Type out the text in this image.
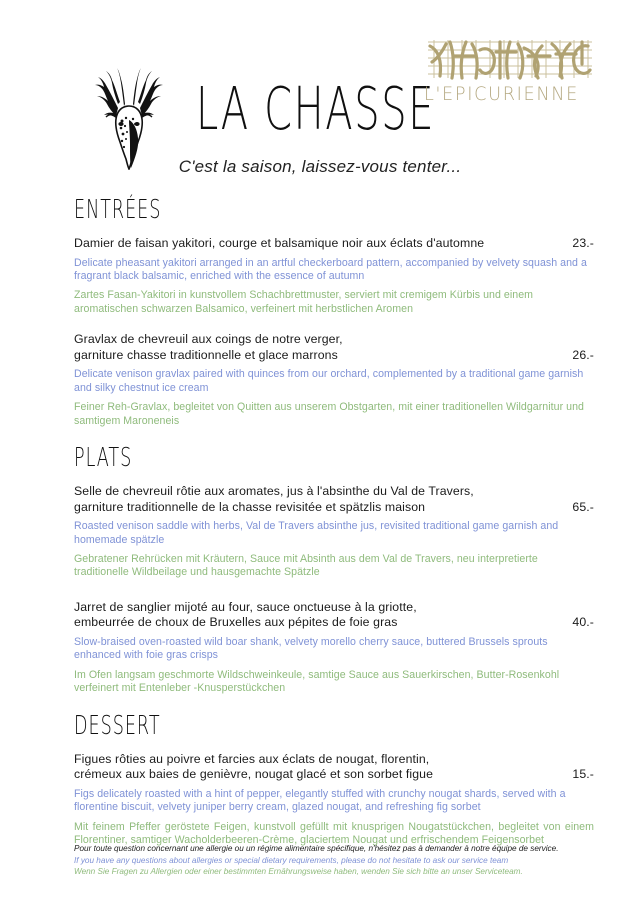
LA CHASSE
L'EPICURIENNE
C'est la saison, laissez-vous tenter...
ENTRÉES
Damier de faisan yakitori, courge et balsamique noir aux éclats d'automne	23.-
Delicate pheasant yakitori arranged in an artful checkerboard pattern, accompanied by velvety squash and a fragrant black balsamic, enriched with the essence of autumn
Zartes Fasan-Yakitori in kunstvollem Schachbrettmuster, serviert mit cremigem Kürbis und einem aromatischen schwarzen Balsamico, verfeinert mit herbstlichen Aromen
Gravlax de chevreuil aux coings de notre verger,
garniture chasse traditionnelle et glace marrons	26.-
Delicate venison gravlax paired with quinces from our orchard, complemented by a traditional game garnish and silky chestnut ice cream
Feiner Reh-Gravlax, begleitet von Quitten aus unserem Obstgarten, mit einer traditionellen Wildgarnitur und samtigem Maroneneis
PLATS
Selle de chevreuil rôtie aux aromates, jus à l'absinthe du Val de Travers,
garniture traditionnelle de la chasse revisitée et spätzlis maison	65.-
Roasted venison saddle with herbs, Val de Travers absinthe jus, revisited traditional game garnish and homemade spätzle
Gebratener Rehrücken mit Kräutern, Sauce mit Absinth aus dem Val de Travers, neu interpretierte traditionelle Wildbeilage und hausgemachte Spätzle
Jarret de sanglier mijoté au four, sauce onctueuse à la griotte,
embeurrée de choux de Bruxelles aux pépites de foie gras	40.-
Slow-braised oven-roasted wild boar shank, velvety morello cherry sauce, buttered Brussels sprouts enhanced with foie gras crisps
Im Ofen langsam geschmorte Wildschweinkeule, samtige Sauce aus Sauerkirschen, Butter-Rosenkohl verfeinert mit Entenleber -Knusperstückchen
DESSERT
Figues rôties au poivre et farcies aux éclats de nougat, florentin,
crémeux aux baies de genièvre, nougat glacé et son sorbet figue	15.-
Figs delicately roasted with a hint of pepper, elegantly stuffed with crunchy nougat shards, served with a florentine biscuit, velvety juniper berry cream, glazed nougat, and refreshing fig sorbet
Mit feinem Pfeffer geröstete Feigen, kunstvoll gefüllt mit knusprigen Nougatstückchen, begleitet von einem Florentiner, samtiger Wacholderbeeren-Crème, glaciertem Nougat und erfrischendem Feigensorbet
Pour toute question concernant une allergie ou un régime alimentaire spécifique, n'hésitez pas à demander à notre équipe de service.
If you have any questions about allergies or special dietary requirements, please do not hesitate to ask our service team
Wenn Sie Fragen zu Allergien oder einer bestimmten Ernährungsweise haben, wenden Sie sich bitte an unser Serviceteam.
